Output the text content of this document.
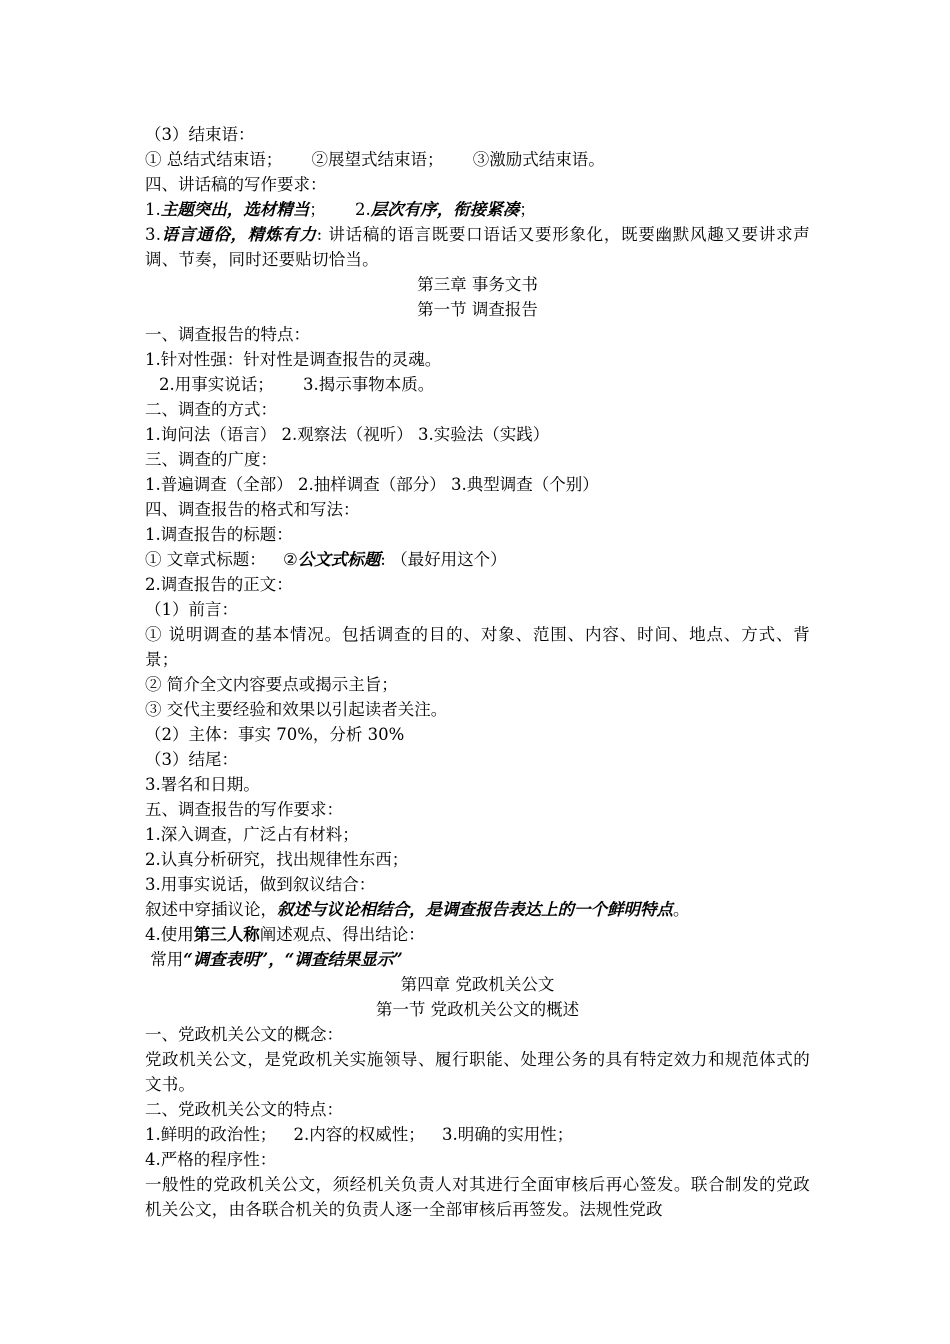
（3）结束语：
① 总结式结束语； ②展望式结束语； ③激励式结束语。
四、讲话稿的写作要求：
1.主题突出，选材精当； 2.层次有序，衔接紧凑；
3.语言通俗，精炼有力: 讲话稿的语言既要口语话又要形象化，既要幽默风趣又要讲求声调、节奏，同时还要贴切恰当。
第三章 事务文书
第一节 调查报告
一、调查报告的特点：
1.针对性强：针对性是调查报告的灵魂。
2.用事实说话； 3.揭示事物本质。
二、调查的方式：
1.询问法（语言） 2.观察法（视听） 3.实验法（实践）
三、调查的广度：
1.普遍调查（全部） 2.抽样调查（部分） 3.典型调查（个别）
四、调查报告的格式和写法：
1.调查报告的标题：
① 文章式标题： ②公文式标题: （最好用这个）
2.调查报告的正文：
（1）前言：
① 说明调查的基本情况。包括调查的目的、对象、范围、内容、时间、地点、方式、背景；
② 简介全文内容要点或揭示主旨；
③ 交代主要经验和效果以引起读者关注。
（2）主体：事实 70%，分析 30%
（3）结尾：
3.署名和日期。
五、调查报告的写作要求：
1.深入调查，广泛占有材料；
2.认真分析研究，找出规律性东西；
3.用事实说话，做到叙议结合：
叙述中穿插议论，叙述与议论相结合，是调查报告表达上的一个鲜明特点。
4.使用第三人称阐述观点、得出结论：
常用“调查表明”，“调查结果显示”
第四章 党政机关公文
第一节 党政机关公文的概述
一、党政机关公文的概念：
党政机关公文，是党政机关实施领导、履行职能、处理公务的具有特定效力和规范体式的文书。
二、党政机关公文的特点：
1.鲜明的政治性； 2.内容的权威性； 3.明确的实用性；
4.严格的程序性：
一般性的党政机关公文，须经机关负责人对其进行全面审核后再心签发。联合制发的党政机关公文，由各联合机关的负责人逐一全部审核后再签发。法规性党政
